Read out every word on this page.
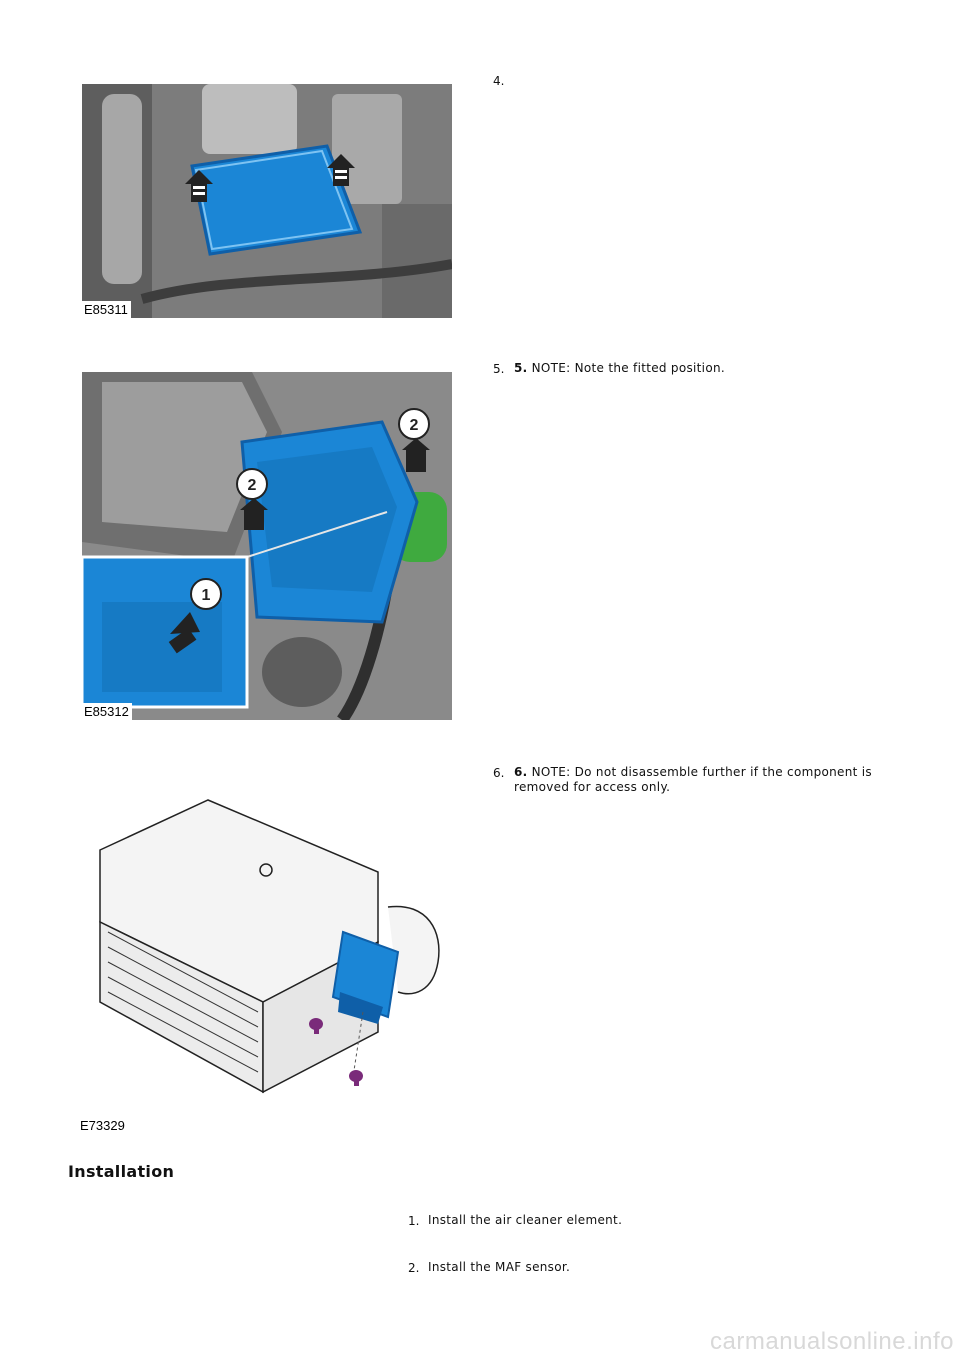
E85311
4.
2
2
1
E85312
5. 5. NOTE: Note the fitted position.
6. 6. NOTE: Do not disassemble further if the component is removed for access only.
E73329
Installation
1. Install the air cleaner element.
2. Install the MAF sensor.
carmanualsonline.info
